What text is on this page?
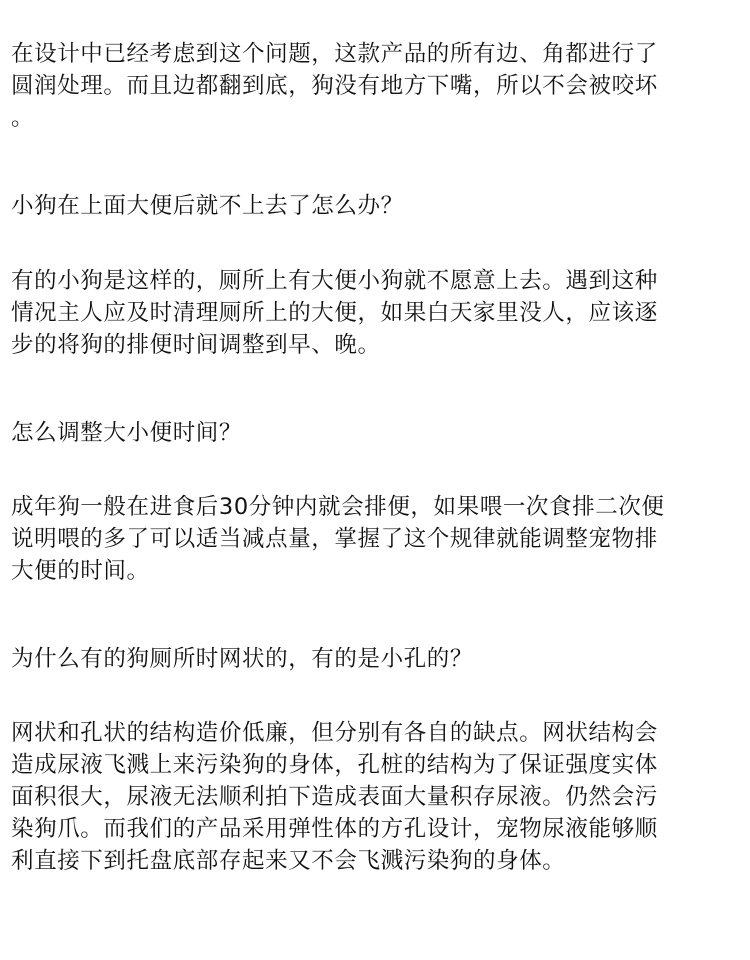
在设计中已经考虑到这个问题，这款产品的所有边、角都进行了
圆润处理。而且边都翻到底，狗没有地方下嘴，所以不会被咬坏
。
小狗在上面大便后就不上去了怎么办？
有的小狗是这样的，厕所上有大便小狗就不愿意上去。遇到这种
情况主人应及时清理厕所上的大便，如果白天家里没人，应该逐
步的将狗的排便时间调整到早、晚。
怎么调整大小便时间？
成年狗一般在进食后30分钟内就会排便，如果喂一次食排二次便
说明喂的多了可以适当减点量，掌握了这个规律就能调整宠物排
大便的时间。
为什么有的狗厕所时网状的，有的是小孔的？
网状和孔状的结构造价低廉，但分别有各自的缺点。网状结构会
造成尿液飞溅上来污染狗的身体，孔桩的结构为了保证强度实体
面积很大，尿液无法顺利拍下造成表面大量积存尿液。仍然会污
染狗爪。而我们的产品采用弹性体的方孔设计，宠物尿液能够顺
利直接下到托盘底部存起来又不会飞溅污染狗的身体。
